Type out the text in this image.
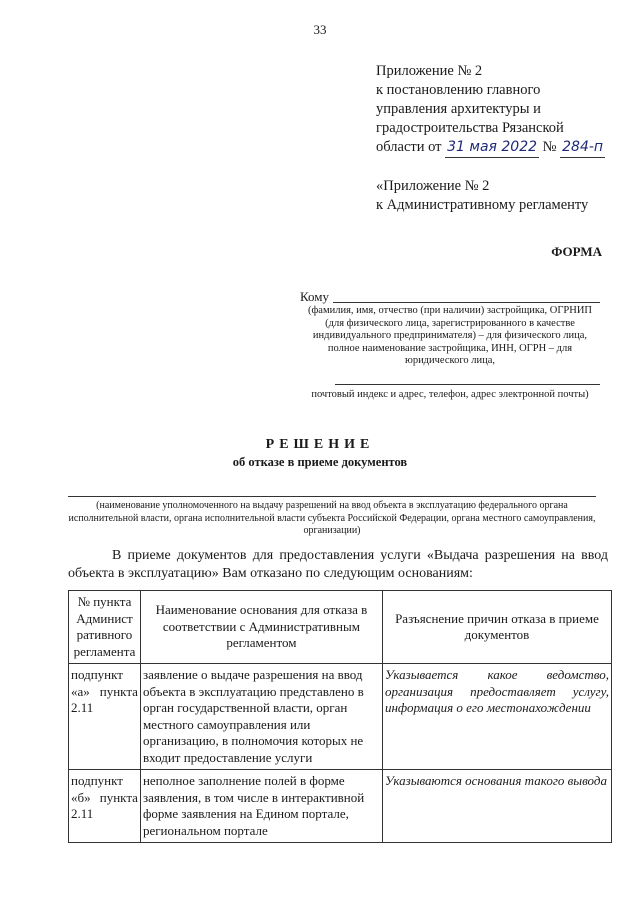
33
Приложение № 2
к постановлению главного
управления архитектуры и
градостроительства Рязанской
области от 31 мая 2022 № 284-п
«Приложение № 2
к Административному регламенту
ФОРМА
Кому
(фамилия, имя, отчество (при наличии) застройщика, ОГРНИП (для физического лица, зарегистрированного в качестве индивидуального предпринимателя) – для физического лица, полное наименование застройщика, ИНН, ОГРН – для юридического лица,
почтовый индекс и адрес, телефон, адрес электронной почты)
РЕШЕНИЕ
об отказе в приеме документов
(наименование уполномоченного на выдачу разрешений на ввод объекта в эксплуатацию федерального органа исполнительной власти, органа исполнительной власти субъекта Российской Федерации, органа местного самоуправления, организации)
В приеме документов для предоставления услуги «Выдача разрешения на ввод объекта в эксплуатацию» Вам отказано по следующим основаниям:
№ пункта Админист ративного регламента	Наименование основания для отказа в соответствии с Административным регламентом	Разъяснение причин отказа в приеме документов
подпункт «а» пункта 2.11	заявление о выдаче разрешения на ввод объекта в эксплуатацию представлено в орган государственной власти, орган местного самоуправления или организацию, в полномочия которых не входит предоставление услуги	Указывается какое ведомство, организация предоставляет услугу, информация о его местонахождении
подпункт «б» пункта 2.11	неполное заполнение полей в форме заявления, в том числе в интерактивной форме заявления на Едином портале, региональном портале	Указываются основания такого вывода
